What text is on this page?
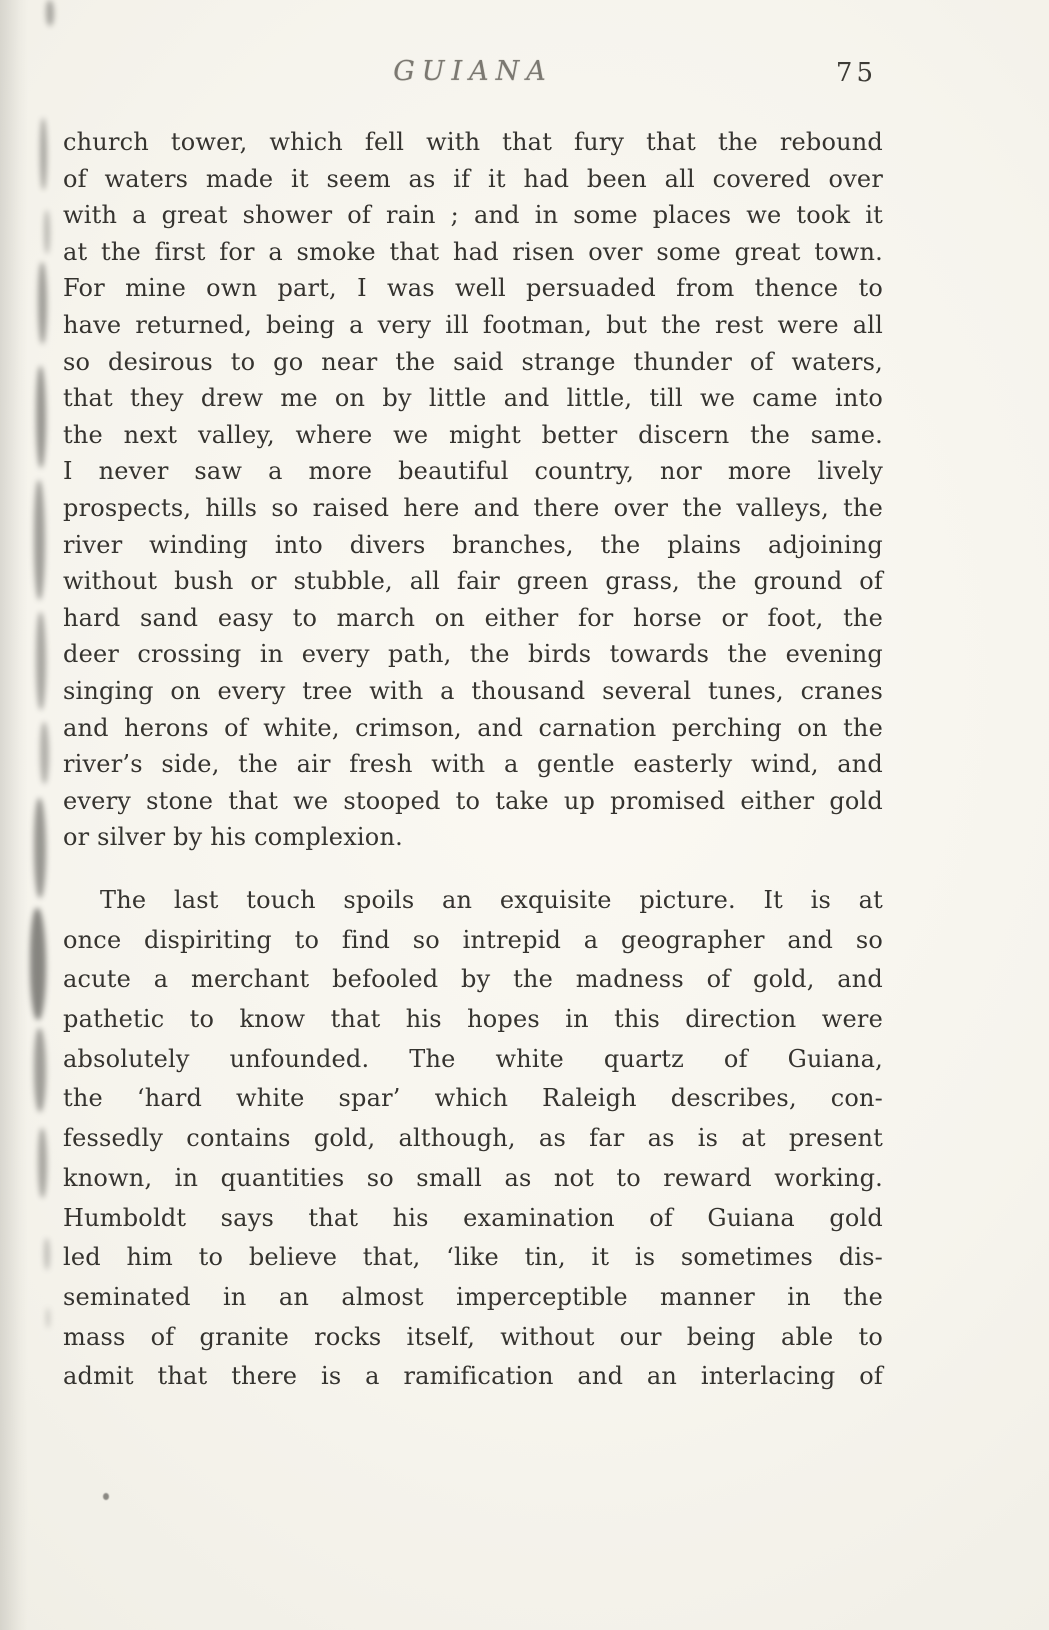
GUIANA	75
church tower, which fell with that fury that the rebound
of waters made it seem as if it had been all covered over
with a great shower of rain ; and in some places we took it
at the first for a smoke that had risen over some great town.
For mine own part, I was well persuaded from thence to
have returned, being a very ill footman, but the rest were all
so desirous to go near the said strange thunder of waters,
that they drew me on by little and little, till we came into
the next valley, where we might better discern the same.
I never saw a more beautiful country, nor more lively
prospects, hills so raised here and there over the valleys, the
river winding into divers branches, the plains adjoining
without bush or stubble, all fair green grass, the ground of
hard sand easy to march on either for horse or foot, the
deer crossing in every path, the birds towards the evening
singing on every tree with a thousand several tunes, cranes
and herons of white, crimson, and carnation perching on the
river’s side, the air fresh with a gentle easterly wind, and
every stone that we stooped to take up promised either gold
or silver by his complexion.
The last touch spoils an exquisite picture. It is at
once dispiriting to find so intrepid a geographer and so
acute a merchant befooled by the madness of gold, and
pathetic to know that his hopes in this direction were
absolutely unfounded. The white quartz of Guiana,
the ‘hard white spar’ which Raleigh describes, con-
fessedly contains gold, although, as far as is at present
known, in quantities so small as not to reward working.
Humboldt says that his examination of Guiana gold
led him to believe that, ‘like tin, it is sometimes dis-
seminated in an almost imperceptible manner in the
mass of granite rocks itself, without our being able to
admit that there is a ramification and an interlacing of
